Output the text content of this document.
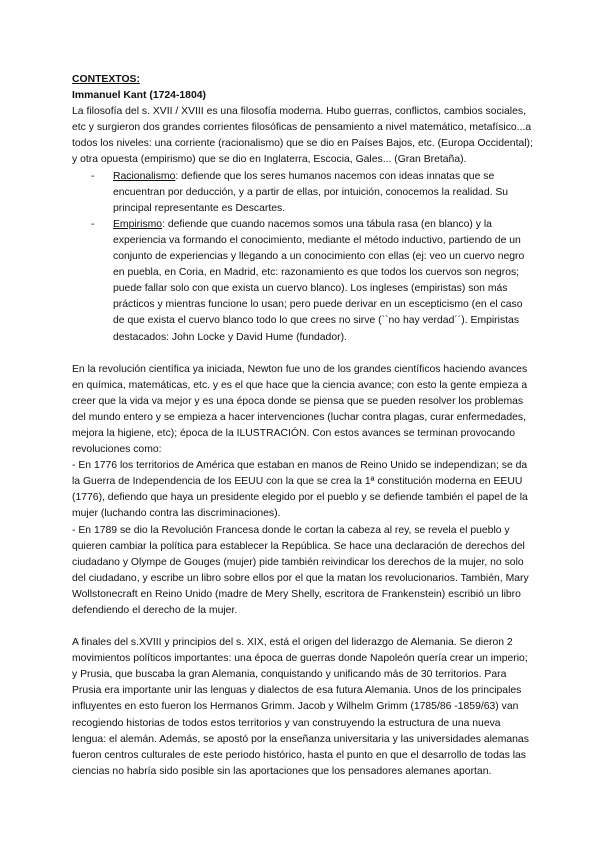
CONTEXTOS:

Immanuel Kant (1724-1804)

La filosofía del s. XVII / XVIII es una filosofía moderna. Hubo guerras, conflictos, cambios sociales, etc y surgieron dos grandes corrientes filosóficas de pensamiento a nivel matemático, metafísico...a todos los niveles: una corriente (racionalismo) que se dio en Países Bajos, etc. (Europa Occidental); y otra opuesta (empirismo) que se dio en Inglaterra, Escocia, Gales... (Gran Bretaña).

- Racionalismo: defiende que los seres humanos nacemos con ideas innatas que se encuentran por deducción, y a partir de ellas, por intuición, conocemos la realidad. Su principal representante es Descartes.
- Empirismo: defiende que cuando nacemos somos una tábula rasa (en blanco) y la experiencia va formando el conocimiento, mediante el método inductivo, partiendo de un conjunto de experiencias y llegando a un conocimiento con ellas (ej: veo un cuervo negro en puebla, en Coria, en Madrid, etc: razonamiento es que todos los cuervos son negros; puede fallar solo con que exista un cuervo blanco). Los ingleses (empiristas) son más prácticos y mientras funcione lo usan; pero puede derivar en un escepticismo (en el caso de que exista el cuervo blanco todo lo que crees no sirve (``no hay verdad´´). Empiristas destacados: John Locke y David Hume (fundador).

En la revolución científica ya iniciada, Newton fue uno de los grandes científicos haciendo avances en química, matemáticas, etc. y es el que hace que la ciencia avance; con esto la gente empieza a creer que la vida va mejor y es una época donde se piensa que se pueden resolver los problemas del mundo entero y se empieza a hacer intervenciones (luchar contra plagas, curar enfermedades, mejora la higiene, etc); época de la ILUSTRACIÓN. Con estos avances se terminan provocando revoluciones como:

- En 1776 los territorios de América que estaban en manos de Reino Unido se independizan; se da la Guerra de Independencia de los EEUU con la que se crea la 1ª constitución moderna en EEUU (1776), defiendo que haya un presidente elegido por el pueblo y se defiende también el papel de la mujer (luchando contra las discriminaciones).

- En 1789 se dio la Revolución Francesa donde le cortan la cabeza al rey, se revela el pueblo y quieren cambiar la política para establecer la República. Se hace una declaración de derechos del ciudadano y Olympe de Gouges (mujer) pide también reivindicar los derechos de la mujer, no solo del ciudadano, y escribe un libro sobre ellos por el que la matan los revolucionarios. También, Mary Wollstonecraft en Reino Unido (madre de Mery Shelly, escritora de Frankenstein) escribió un libro defendiendo el derecho de la mujer.

A finales del s.XVIII y principios del s. XIX, está el origen del liderazgo de Alemania. Se dieron 2 movimientos políticos importantes: una época de guerras donde Napoleón quería crear un imperio; y Prusia, que buscaba la gran Alemania, conquistando y unificando más de 30 territorios. Para Prusia era importante unir las lenguas y dialectos de esa futura Alemania. Unos de los principales influyentes en esto fueron los Hermanos Grimm. Jacob y Wilhelm Grimm (1785/86 -1859/63) van recogiendo historias de todos estos territorios y van construyendo la estructura de una nueva lengua: el alemán. Además, se apostó por la enseñanza universitaria y las universidades alemanas fueron centros culturales de este periodo histórico, hasta el punto en que el desarrollo de todas las ciencias no habría sido posible sin las aportaciones que los pensadores alemanes aportan.
